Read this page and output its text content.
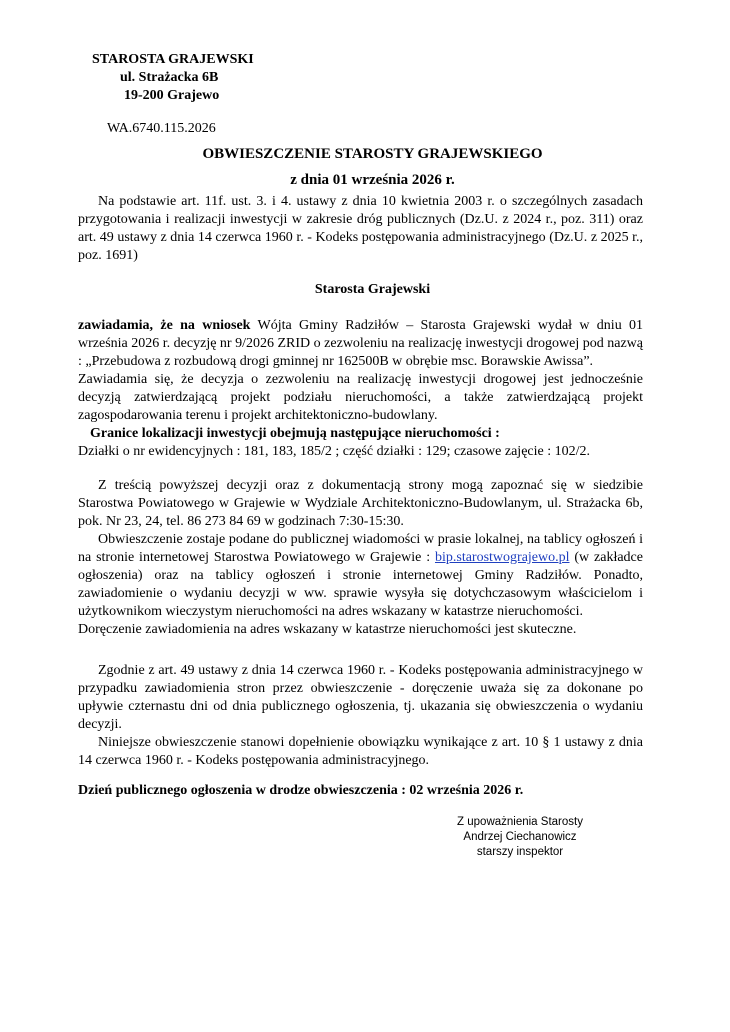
STAROSTA GRAJEWSKI
ul. Strażacka 6B
19-200 Grajewo
WA.6740.115.2026
OBWIESZCZENIE STAROSTY GRAJEWSKIEGO
z dnia 01 września 2026 r.

Na podstawie art. 11f. ust. 3. i 4. ustawy z dnia 10 kwietnia 2003 r. o szczególnych zasadach przygotowania i realizacji inwestycji w zakresie dróg publicznych (Dz.U. z 2024 r., poz. 311) oraz art. 49 ustawy z dnia 14 czerwca 1960 r. - Kodeks postępowania administracyjnego (Dz.U. z 2025 r., poz. 1691)

Starosta Grajewski

zawiadamia, że na wniosek Wójta Gminy Radziłów – Starosta Grajewski wydał w dniu 01 września 2026 r. decyzję nr 9/2026 ZRID o zezwoleniu na realizację inwestycji drogowej pod nazwą : „Przebudowa z rozbudową drogi gminnej nr 162500B w obrębie msc. Borawskie Awissa”.

Zawiadamia się, że decyzja o zezwoleniu na realizację inwestycji drogowej jest jednocześnie decyzją zatwierdzającą projekt podziału nieruchomości, a także zatwierdzającą projekt zagospodarowania terenu i projekt architektoniczno-budowlany.

Granice lokalizacji inwestycji obejmują następujące nieruchomości :

Działki o nr ewidencyjnych : 181, 183, 185/2 ; część działki : 129; czasowe zajęcie : 102/2.

Z treścią powyższej decyzji oraz z dokumentacją strony mogą zapoznać się w siedzibie Starostwa Powiatowego w Grajewie w Wydziale Architektoniczno-Budowlanym, ul. Strażacka 6b, pok. Nr 23, 24, tel. 86 273 84 69 w godzinach 7:30-15:30.

Obwieszczenie zostaje podane do publicznej wiadomości w prasie lokalnej, na tablicy ogłoszeń i na stronie internetowej Starostwa Powiatowego w Grajewie : bip.starostwograjewo.pl (w zakładce ogłoszenia) oraz na tablicy ogłoszeń i stronie internetowej Gminy Radziłów. Ponadto, zawiadomienie o wydaniu decyzji w ww. sprawie wysyła się dotychczasowym właścicielom i użytkownikom wieczystym nieruchomości na adres wskazany w katastrze nieruchomości.

Doręczenie zawiadomienia na adres wskazany w katastrze nieruchomości jest skuteczne.

Zgodnie z art. 49 ustawy z dnia 14 czerwca 1960 r. - Kodeks postępowania administracyjnego w przypadku zawiadomienia stron przez obwieszczenie - doręczenie uważa się za dokonane po upływie czternastu dni od dnia publicznego ogłoszenia, tj. ukazania się obwieszczenia o wydaniu decyzji.

Niniejsze obwieszczenie stanowi dopełnienie obowiązku wynikające z art. 10 § 1 ustawy z dnia 14 czerwca 1960 r. - Kodeks postępowania administracyjnego.

Dzień publicznego ogłoszenia w drodze obwieszczenia : 02 września 2026 r.
Z upoważnienia Starosty
Andrzej Ciechanowicz
starszy inspektor
